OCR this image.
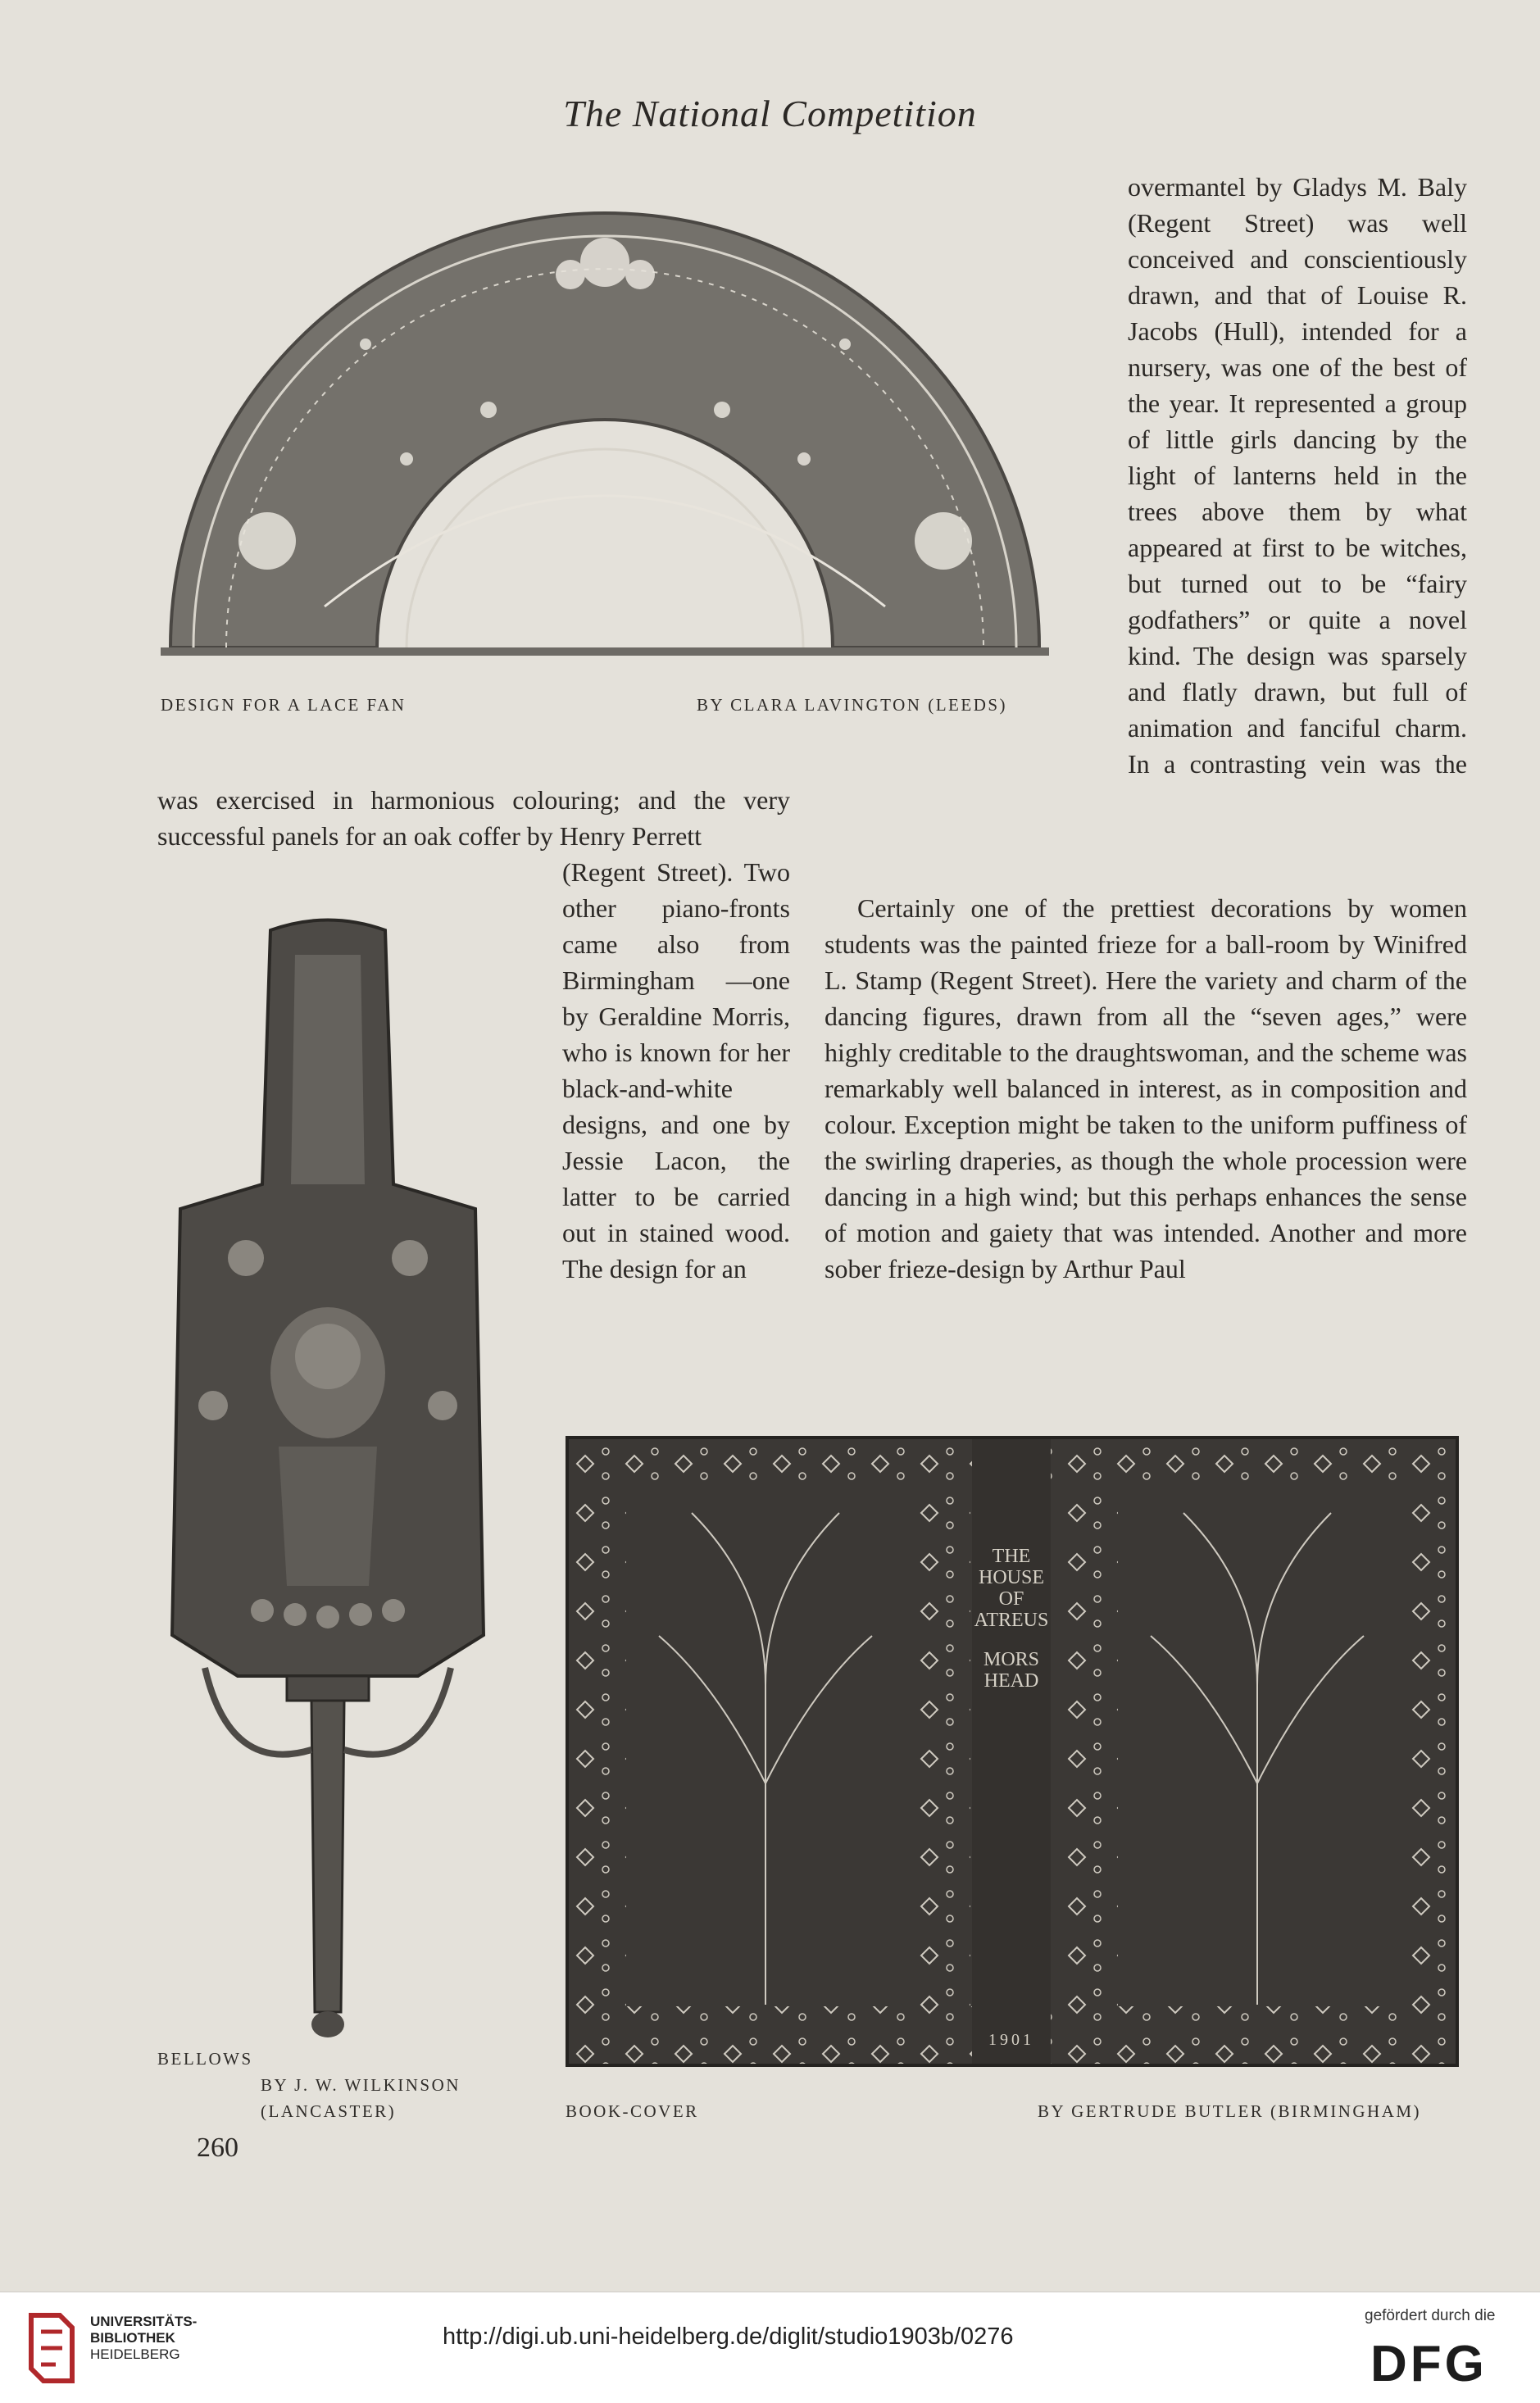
The National Competition
DESIGN FOR A LACE FAN	BY CLARA LAVINGTON (LEEDS)

overmantel by Gladys M. Baly (Regent Street) was well conceived and conscientiously drawn, and that of Louise R. Jacobs (Hull), intended for a nursery, was one of the best of the year. It represented a group of little girls dancing by the light of lanterns held in the trees above them by what appeared at first to be witches, but turned out to be “fairy godfathers” or quite a novel kind. The design was sparsely and flatly drawn, but full of animation and fanciful charm. In a contrasting vein was the

was exercised in harmonious colouring; and the very successful panels for an oak coffer by Henry Perrett

(Regent Street). Two other piano-fronts came also from Birmingham —one by Geraldine Morris, who is known for her black-and-white designs, and one by Jessie Lacon, the latter to be carried out in stained wood. The design for an

Certainly one of the prettiest decorations by women students was the painted frieze for a ball-room by Winifred L. Stamp (Regent Street). Here the variety and charm of the dancing figures, drawn from all the “seven ages,” were highly creditable to the draughtswoman, and the scheme was remarkably well balanced in interest, as in composition and colour. Exception might be taken to the uniform puffiness of the swirling draperies, as though the whole procession were dancing in a high wind; but this perhaps enhances the sense of motion and gaiety that was intended. Another and more sober frieze-design by Arthur Paul

BELLOWS
BY J. W. WILKINSON
(LANCASTER)
THE
HOUSE
OF
ATREUS
MORS
HEAD
1901
BOOK-COVER	BY GERTRUDE BUTLER (BIRMINGHAM)
260
UNIVERSITÄTS-
BIBLIOTHEK
HEIDELBERG
http://digi.ub.uni-heidelberg.de/diglit/studio1903b/0276
gefördert durch die
DFG
